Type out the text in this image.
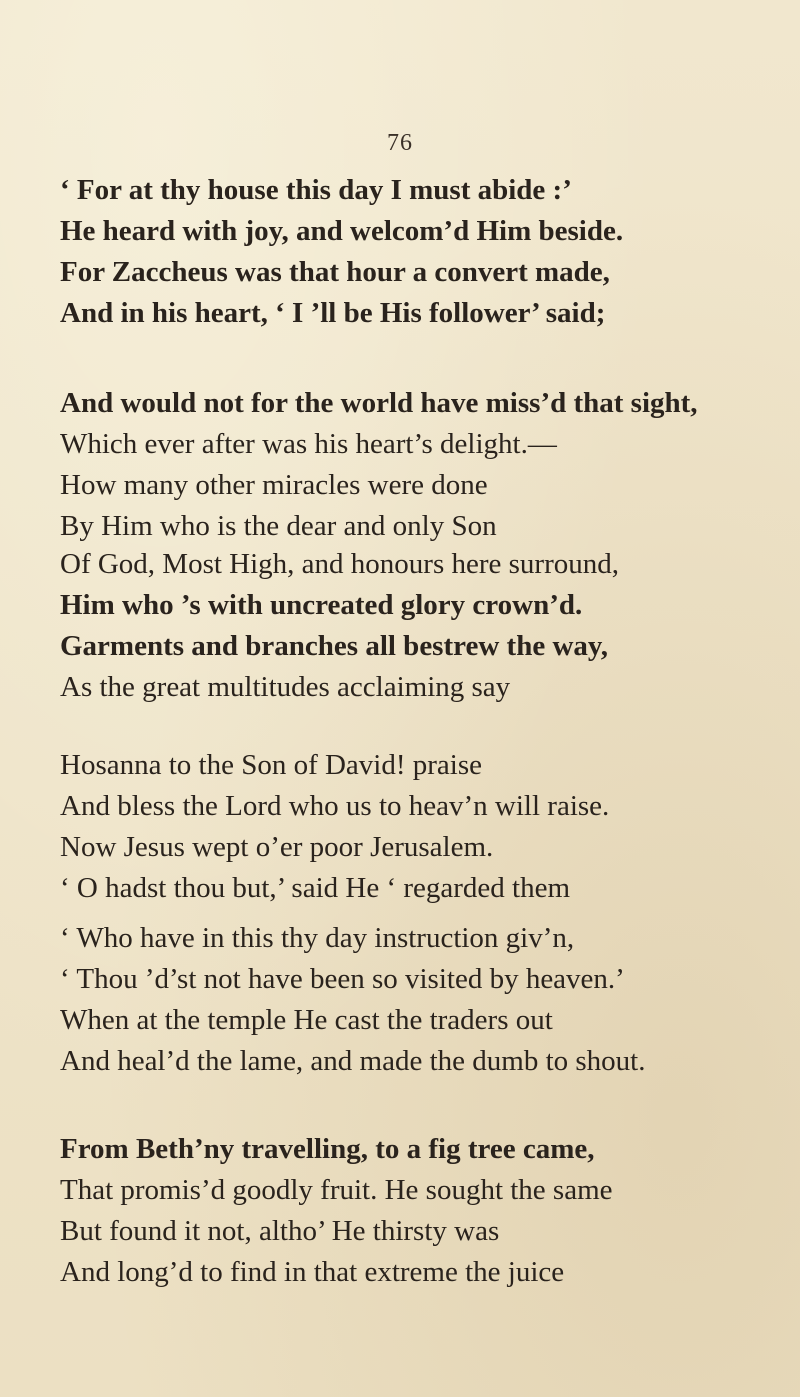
76
‘ For at thy house this day I must abide :’
He heard with joy, and welcom’d Him beside.
For Zaccheus was that hour a convert made,
And in his heart, ‘ I ’ll be His follower’ said;
And would not for the world have miss’d that sight,
Which ever after was his heart’s delight.—
How many other miracles were done
By Him who is the dear and only Son
Of God, Most High, and honours here surround,
Him who ’s with uncreated glory crown’d.
Garments and branches all bestrew the way,
As the great multitudes acclaiming say
Hosanna to the Son of David! praise
And bless the Lord who us to heav’n will raise.
Now Jesus wept o’er poor Jerusalem.
‘ O hadst thou but,’ said He ‘ regarded them
‘ Who have in this thy day instruction giv’n,
‘ Thou ’d’st not have been so visited by heaven.’
When at the temple He cast the traders out
And heal’d the lame, and made the dumb to shout.
From Beth’ny travelling, to a fig tree came,
That promis’d goodly fruit. He sought the same
But found it not, altho’ He thirsty was
And long’d to find in that extreme the juice
